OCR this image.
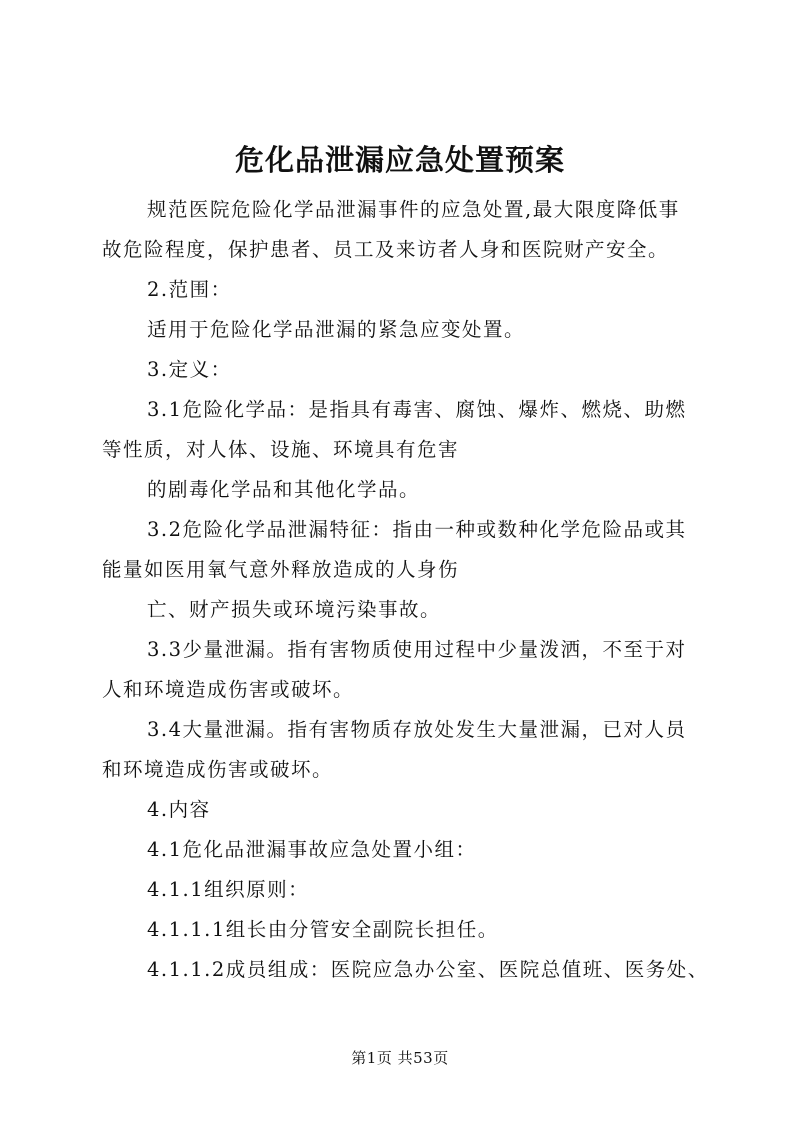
危化品泄漏应急处置预案
规范医院危险化学品泄漏事件的应急处置,最大限度降低事
故危险程度，保护患者、员工及来访者人身和医院财产安全。
2.范围：
适用于危险化学品泄漏的紧急应变处置。
3.定义：
3.1危险化学品：是指具有毒害、腐蚀、爆炸、燃烧、助燃
等性质，对人体、设施、环境具有危害
的剧毒化学品和其他化学品。
3.2危险化学品泄漏特征：指由一种或数种化学危险品或其
能量如医用氧气意外释放造成的人身伤
亡、财产损失或环境污染事故。
3.3少量泄漏。指有害物质使用过程中少量泼洒，不至于对
人和环境造成伤害或破坏。
3.4大量泄漏。指有害物质存放处发生大量泄漏，已对人员
和环境造成伤害或破坏。
4.内容
4.1危化品泄漏事故应急处置小组：
4.1.1组织原则：
4.1.1.1组长由分管安全副院长担任。
4.1.1.2成员组成：医院应急办公室、医院总值班、医务处、
第1页 共53页
